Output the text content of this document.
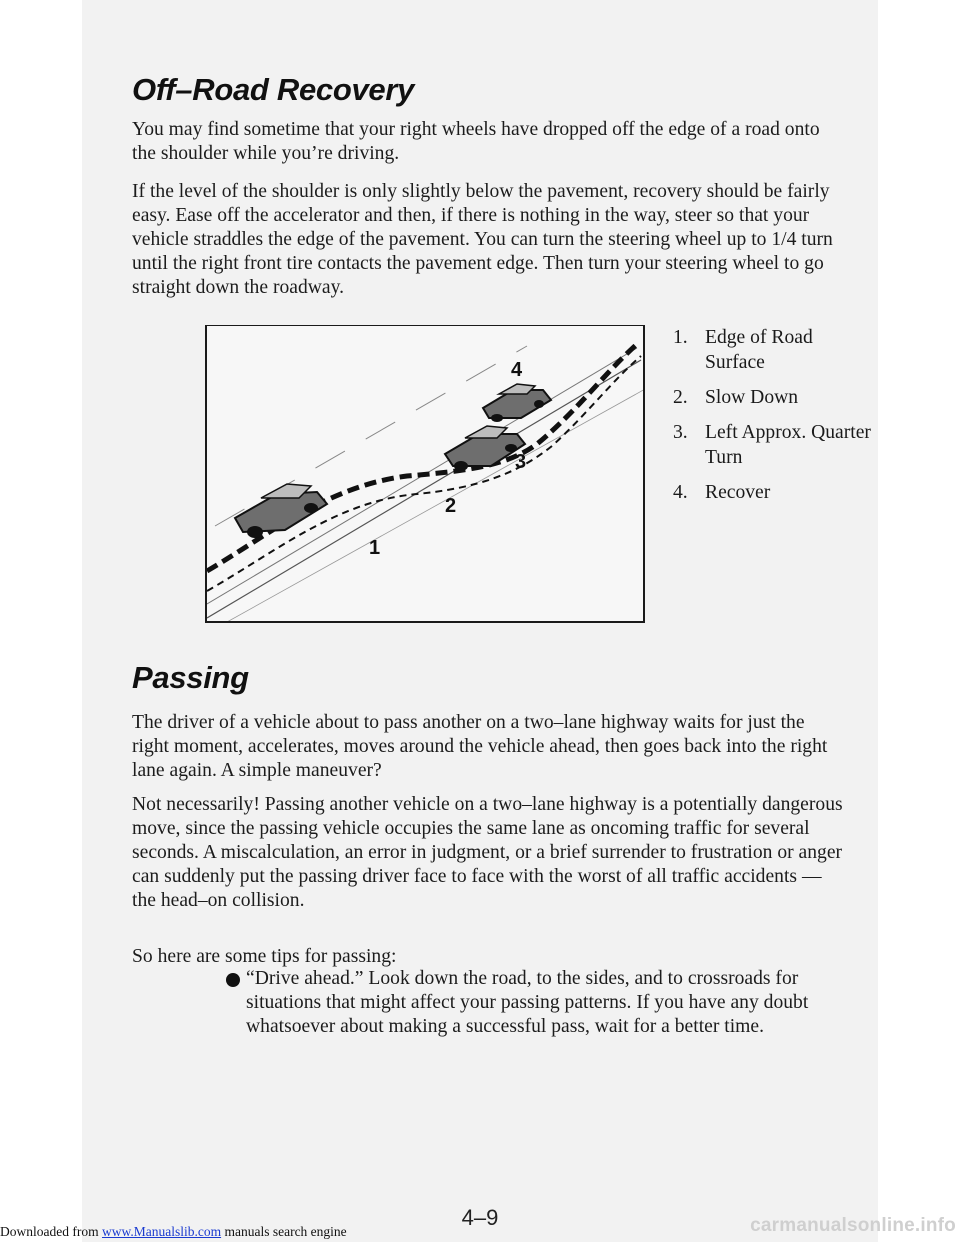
Off–Road Recovery

You may find sometime that your right wheels have dropped off the edge of a road onto the shoulder while you’re driving.

If the level of the shoulder is only slightly below the pavement, recovery should be fairly easy. Ease off the accelerator and then, if there is nothing in the way, steer so that your vehicle straddles the edge of the pavement. You can turn the steering wheel up to 1/4 turn until the right front tire contacts the pavement edge. Then turn your steering wheel to go straight down the roadway.

1
2
3
4
1. Edge of Road Surface
2. Slow Down
3. Left Approx. Quarter Turn
4. Recover
Passing

The driver of a vehicle about to pass another on a two–lane highway waits for just the right moment, accelerates, moves around the vehicle ahead, then goes back into the right lane again. A simple maneuver?

Not necessarily! Passing another vehicle on a two–lane highway is a potentially dangerous move, since the passing vehicle occupies the same lane as oncoming traffic for several seconds. A miscalculation, an error in judgment, or a brief surrender to frustration or anger can suddenly put the passing driver face to face with the worst of all traffic accidents — the head–on collision.

So here are some tips for passing:

“Drive ahead.” Look down the road, to the sides, and to crossroads for situations that might affect your passing patterns. If you have any doubt whatsoever about making a successful pass, wait for a better time.

4–9
Downloaded from www.Manualslib.com manuals search engine	carmanualsonline.info
